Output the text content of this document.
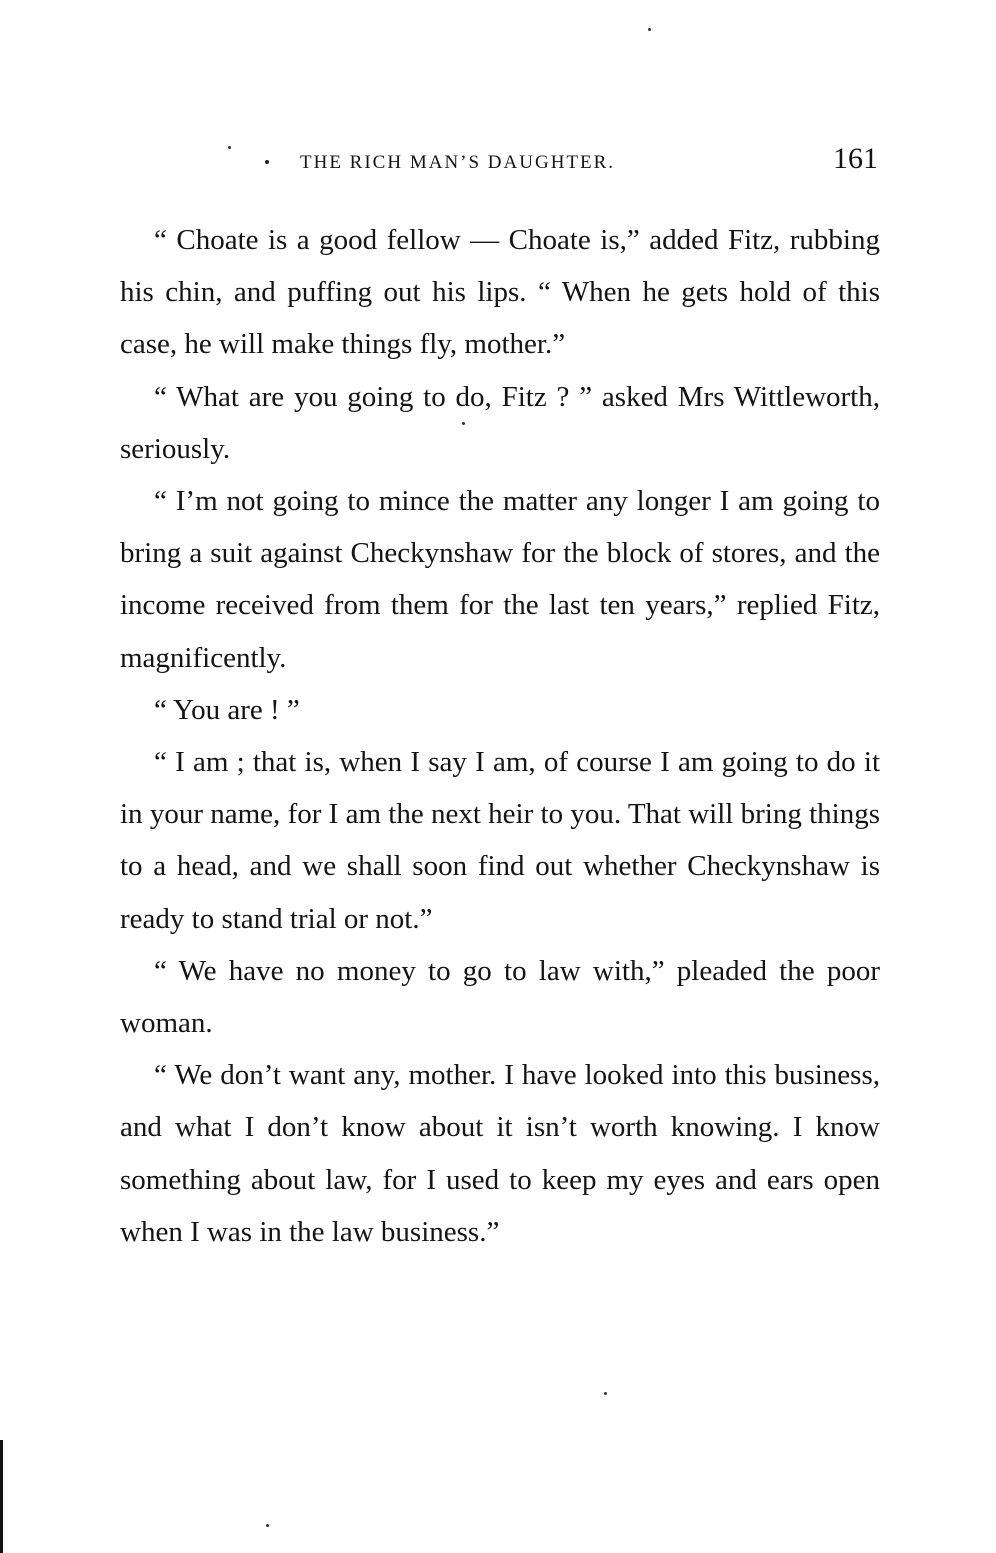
THE RICH MAN’S DAUGHTER.	161

“ Choate is a good fellow — Choate is,” added Fitz, rubbing his chin, and puffing out his lips. “ When he gets hold of this case, he will make things fly, mother.”

“ What are you going to do, Fitz ? ” asked Mrs Wittleworth, seriously.

“ I’m not going to mince the matter any longer I am going to bring a suit against Checkynshaw for the block of stores, and the income received from them for the last ten years,” replied Fitz, magnificently.

“ You are ! ”

“ I am ; that is, when I say I am, of course I am going to do it in your name, for I am the next heir to you. That will bring things to a head, and we shall soon find out whether Checkynshaw is ready to stand trial or not.”

“ We have no money to go to law with,” pleaded the poor woman.

“ We don’t want any, mother. I have looked into this business, and what I don’t know about it isn’t worth knowing. I know something about law, for I used to keep my eyes and ears open when I was in the law business.”
